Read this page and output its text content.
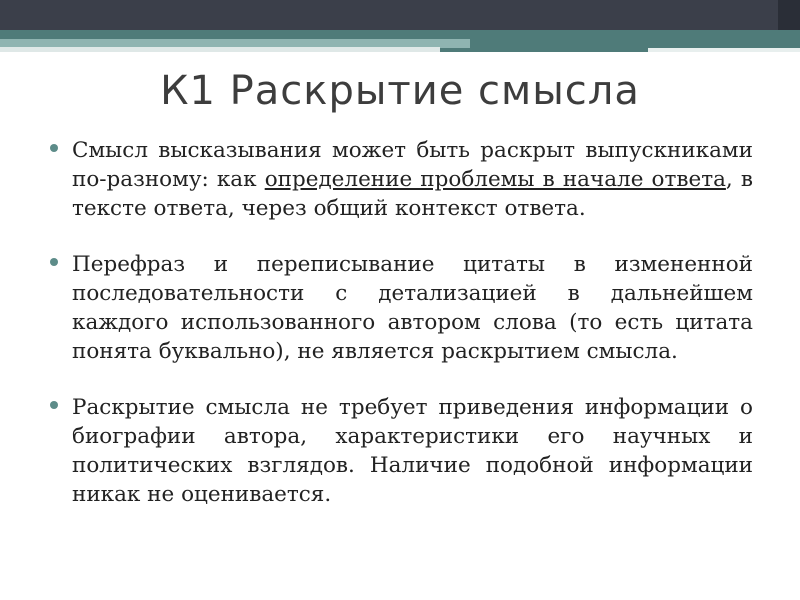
К1 Раскрытие смысла
Смысл высказывания может быть раскрыт выпускниками по-разному: как определение проблемы в начале ответа, в тексте ответа, через общий контекст ответа.
Перефраз и переписывание цитаты в измененной последовательности с детализацией в дальнейшем каждого использованного автором слова (то есть цитата понята буквально), не является раскрытием смысла.
Раскрытие смысла не требует приведения информации о биографии автора, характеристики его научных и политических взглядов. Наличие подобной информации никак не оценивается.
